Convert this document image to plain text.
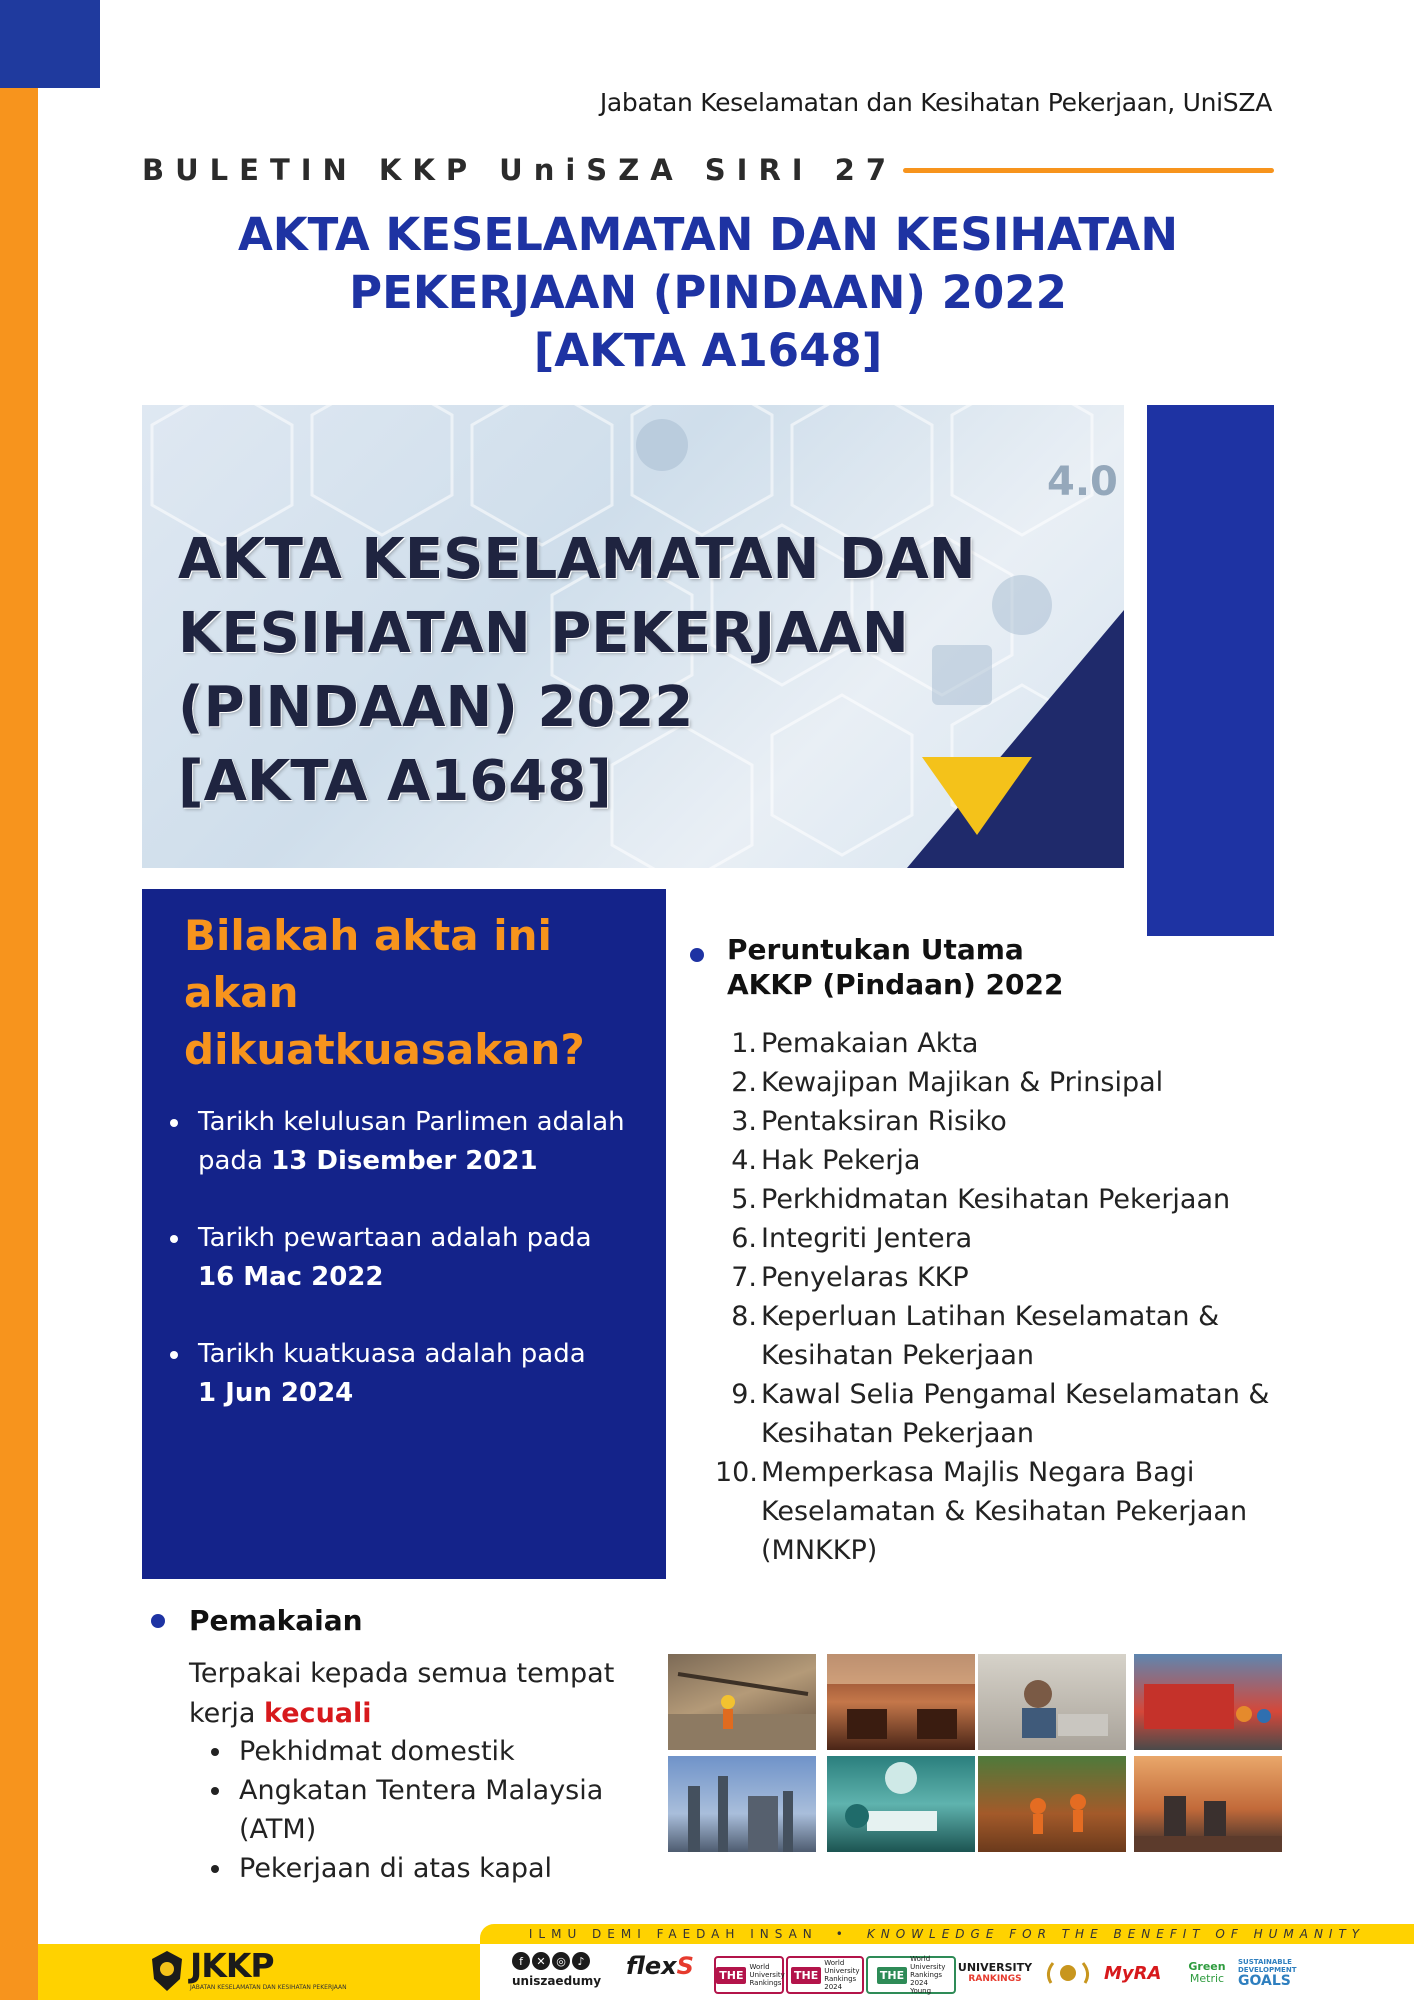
Jabatan Keselamatan dan Kesihatan Pekerjaan, UniSZA
BULETIN KKP UniSZA SIRI 27
AKTA KESELAMATAN DAN KESIHATAN
PEKERJAAN (PINDAAN) 2022
[AKTA A1648]
4.0
AKTA KESELAMATAN DAN
KESIHATAN PEKERJAAN
(PINDAAN) 2022
[AKTA A1648]
Bilakah akta ini
akan
dikuatkuasakan?
Tarikh kelulusan Parlimen adalah pada 13 Disember 2021
Tarikh pewartaan adalah pada
16 Mac 2022
Tarikh kuatkuasa adalah pada
1 Jun 2024
Peruntukan Utama
AKKP (Pindaan) 2022
1. Pemakaian Akta
2. Kewajipan Majikan & Prinsipal
3. Pentaksiran Risiko
4. Hak Pekerja
5. Perkhidmatan Kesihatan Pekerjaan
6. Integriti Jentera
7. Penyelaras KKP
8. Keperluan Latihan Keselamatan & Kesihatan Pekerjaan
9. Kawal Selia Pengamal Keselamatan & Kesihatan Pekerjaan
10. Memperkasa Majlis Negara Bagi Keselamatan & Kesihatan Pekerjaan (MNKKP)
Pemakaian
Terpakai kepada semua tempat kerja kecuali
Pekhidmat domestik
Angkatan Tentera Malaysia (ATM)
Pekerjaan di atas kapal
ILMU DEMI FAEDAH INSAN • KNOWLEDGE FOR THE BENEFIT OF HUMANITY
JKKP
JABATAN KESELAMATAN DAN KESIHATAN PEKERJAAN
f	✕ ◎	♪
uniszaedumy
flexS THE
World University Rankings
THE
World University Rankings 2024
THE
World University Rankings 2024 Young
UNIVERSITY
RANKINGS	MyRA Green
Metric
SUSTAINABLE DEVELOPMENT
GOALS
